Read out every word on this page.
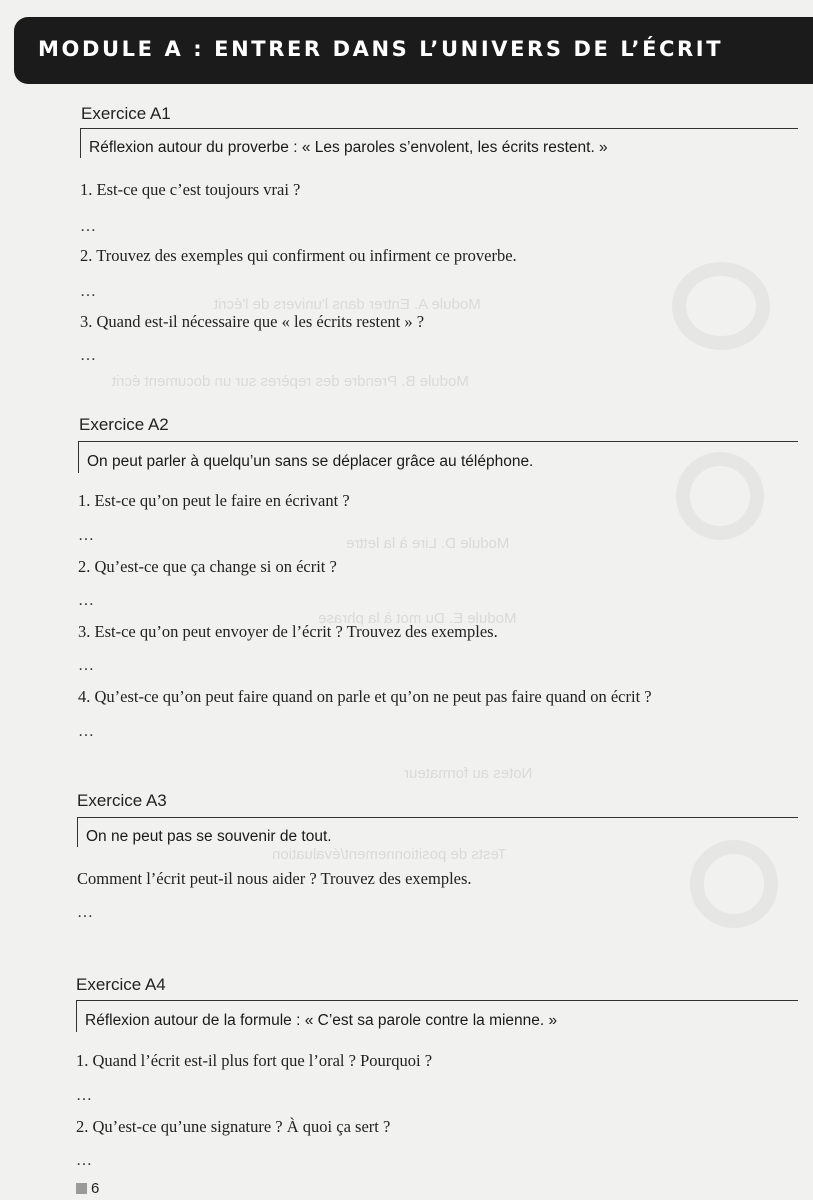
Module A. Entrer dans l'univers de l'écrit
Module B. Prendre des repères sur un document écrit
Module D. Lire à la lettre
Module E. Du mot à la phrase
Notes au formateur
Tests de positionnement/évaluation
MODULE A : ENTRER DANS L’UNIVERS DE L’ÉCRIT
Exercice A1
Réflexion autour du proverbe : « Les paroles s’envolent, les écrits restent. »
1. Est-ce que c’est toujours vrai ?
…
2. Trouvez des exemples qui confirment ou infirment ce proverbe.
…
3. Quand est-il nécessaire que « les écrits restent » ?
…
Exercice A2
On peut parler à quelqu’un sans se déplacer grâce au téléphone.
1. Est-ce qu’on peut le faire en écrivant ?
…
2. Qu’est-ce que ça change si on écrit ?
…
3. Est-ce qu’on peut envoyer de l’écrit ? Trouvez des exemples.
…
4. Qu’est-ce qu’on peut faire quand on parle et qu’on ne peut pas faire quand on écrit ?
…
Exercice A3
On ne peut pas se souvenir de tout.
Comment l’écrit peut-il nous aider ? Trouvez des exemples.
…
Exercice A4
Réflexion autour de la formule : « C’est sa parole contre la mienne. »
1. Quand l’écrit est-il plus fort que l’oral ? Pourquoi ?
…
2. Qu’est-ce qu’une signature ? À quoi ça sert ?
…
6
